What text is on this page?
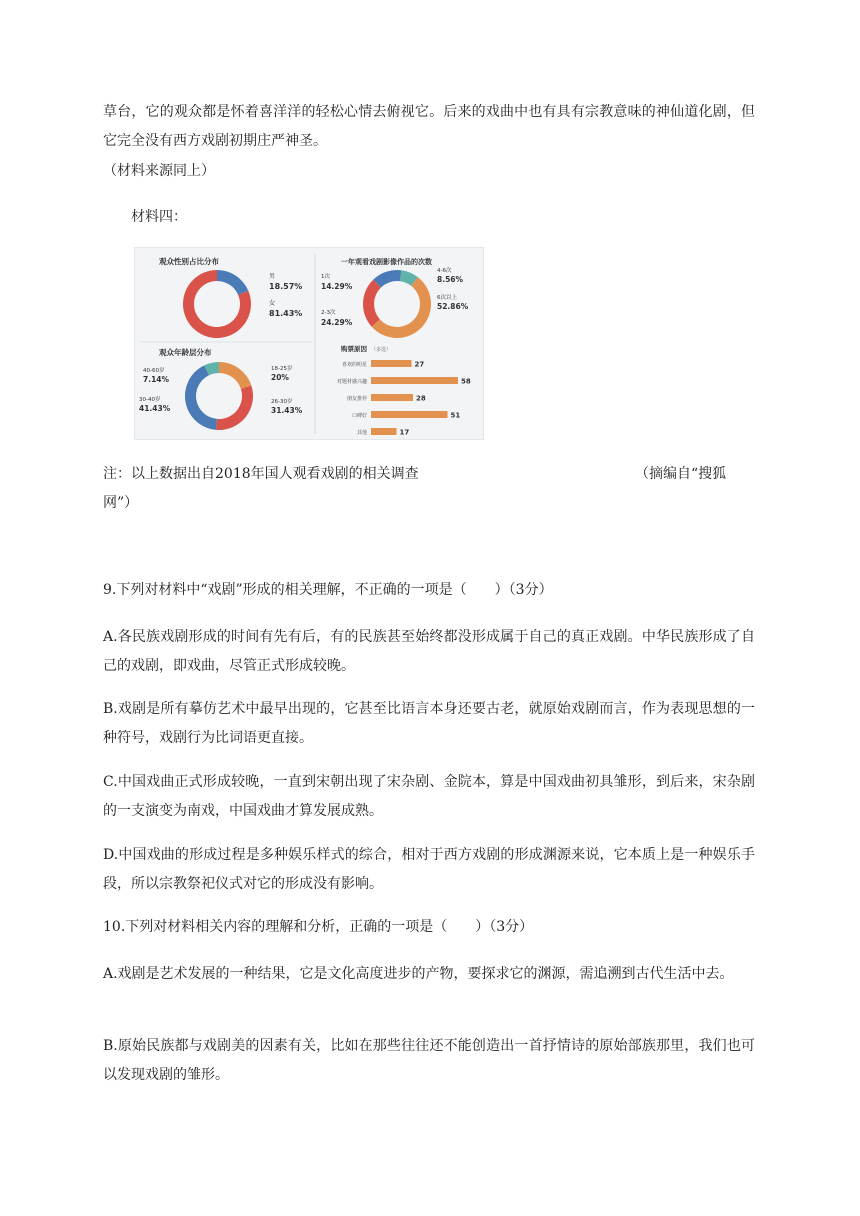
草台，它的观众都是怀着喜洋洋的轻松心情去俯视它。后来的戏曲中也有具有宗教意味的神仙道化剧，但它完全没有西方戏剧初期庄严神圣。
（材料来源同上）
材料四：
观众性别占比分布
男
18.57%
女
81.43%
一年观看戏剧影像作品的次数
1次
14.29%
2-3次
24.29%
4-6次
8.56%
6次以上
52.86%
观众年龄层分布
40-60岁
7.14%
30-40岁
41.43%
18-25岁
20%
26-30岁
31.43%
购票原因 （多选）
喜欢的明星	27
对题材感兴趣	58
朋友推荐	28
口碑好	51
其他	17
注：以上数据出自2018年国人观看戏剧的相关调查	（摘编自“搜狐
网”）
9.下列对材料中“戏剧”形成的相关理解，不正确的一项是（　　）（3分）
A.各民族戏剧形成的时间有先有后，有的民族甚至始终都没形成属于自己的真正戏剧。中华民族形成了自己的戏剧，即戏曲，尽管正式形成较晚。
B.戏剧是所有摹仿艺术中最早出现的，它甚至比语言本身还要古老，就原始戏剧而言，作为表现思想的一种符号，戏剧行为比词语更直接。
C.中国戏曲正式形成较晚，一直到宋朝出现了宋杂剧、金院本，算是中国戏曲初具雏形，到后来，宋杂剧的一支演变为南戏，中国戏曲才算发展成熟。
D.中国戏曲的形成过程是多种娱乐样式的综合，相对于西方戏剧的形成渊源来说，它本质上是一种娱乐手段，所以宗教祭祀仪式对它的形成没有影响。
10.下列对材料相关内容的理解和分析，正确的一项是（　　）（3分）
A.戏剧是艺术发展的一种结果，它是文化高度进步的产物，要探求它的渊源，需追溯到古代生活中去。
B.原始民族都与戏剧美的因素有关，比如在那些往往还不能创造出一首抒情诗的原始部族那里，我们也可以发现戏剧的雏形。
